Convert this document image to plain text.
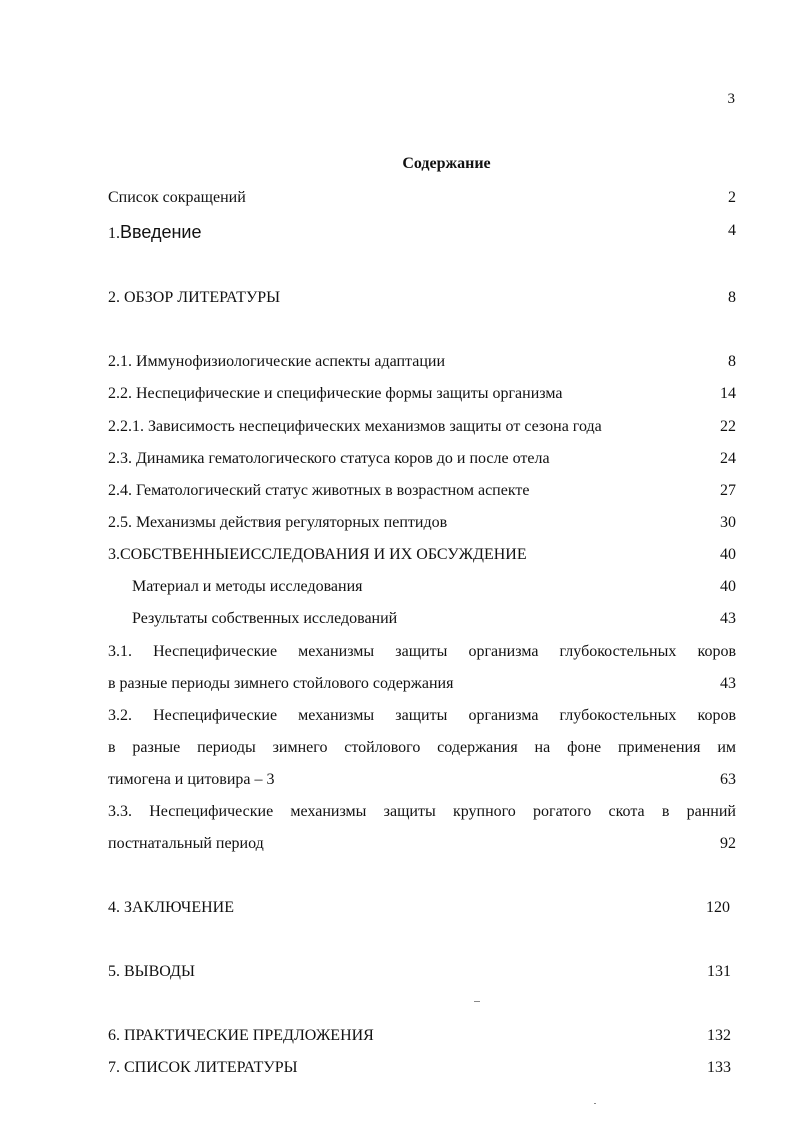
3
Содержание
Список сокращений	2
1.Введение	4
2. ОБЗОР ЛИТЕРАТУРЫ	8
2.1. Иммунофизиологические аспекты адаптации	8
2.2. Неспецифические и специфические формы защиты организма	14
2.2.1. Зависимость неспецифических механизмов защиты от сезона года	22
2.3. Динамика гематологического статуса коров до и после отела	24
2.4. Гематологический статус животных в возрастном аспекте	27
2.5. Механизмы действия регуляторных пептидов	30
3.СОБСТВЕННЫЕИССЛЕДОВАНИЯ И ИХ ОБСУЖДЕНИЕ	40
Материал и методы исследования	40
Результаты собственных исследований	43
3.1. Неспецифические механизмы защиты организма глубокостельных коров
в разные периоды зимнего стойлового содержания	43
3.2. Неспецифические механизмы защиты организма глубокостельных коров
в разные периоды зимнего стойлового содержания на фоне применения им
тимогена и цитовира – 3	63
3.3. Неспецифические механизмы защиты крупного рогатого скота в ранний
постнатальный период	92
4. ЗАКЛЮЧЕНИЕ	120
5. ВЫВОДЫ	131
6. ПРАКТИЧЕСКИЕ ПРЕДЛОЖЕНИЯ	132
7. СПИСОК ЛИТЕРАТУРЫ	133
